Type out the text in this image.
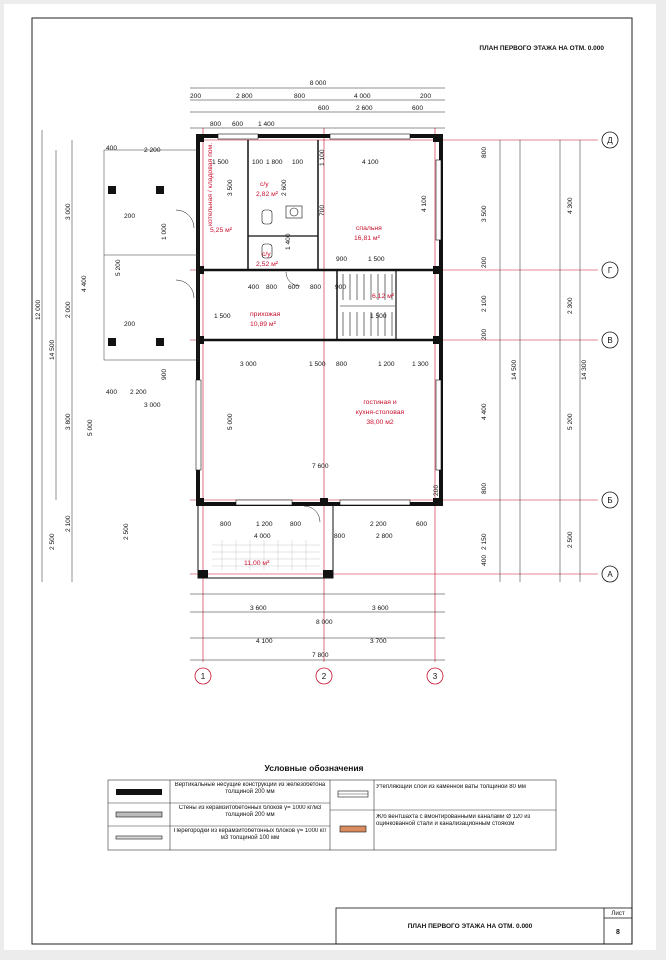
ПЛАН ПЕРВОГО ЭТАЖА НА ОТМ. 0.000
Д
Г
В
Б
А
1	2	3
8 000
200	2 800	800	4 000	200
600	2 600	600
800 600 1 400
1 500	100 1 800 100	4 100
900	1 500
400 800 600 800 900
1 500	1 500
3 000	1 500 800	1 200	1 300
7 600
800	1 200	800	2 200	600
4 000	800	2 800
3 600	3 600
8 000
4 100	3 700
7 800
12 000
14 500
3 000
4 400
5 200
2 000
3 800 5 000
2 100
2 500
14 500	14 300
4 300
2 300
5 200
2 500
3 500
2 100
4 400
2 150
800
200
200
800
200
400
3 500
4 100
1 000
5 000
2 500
1 100
2 600
1 400
900
700
2 200
400
2 200
3 000
400
200
200
котельная / кладовая пом.
5,25 м²
с/у
2,82 м²
с/у
2,52 м²
спальня
16,81 м²
6,12 м²
прихожая
10,89 м²
гостиная и
кухня-столовая
38,00 м2
11,00 м²
Условные обозначения
Вертикальные несущие конструкции из железобетона толщиной 200 мм
Стены из керамзитобетонных блоков γ= 1000 кг/м3 толщиной 200 мм
Перегородки из керамзитобетонных блоков γ= 1000 кг/м3 толщиной 100 мм
Утепляющий слой из каменной ваты толщиной 80 мм
Ж/б вентшахта с вмонтированными каналами Ø 120 из оцинкованной стали и канализационным стояком
ПЛАН ПЕРВОГО ЭТАЖА НА ОТМ. 0.000
Лист
8
